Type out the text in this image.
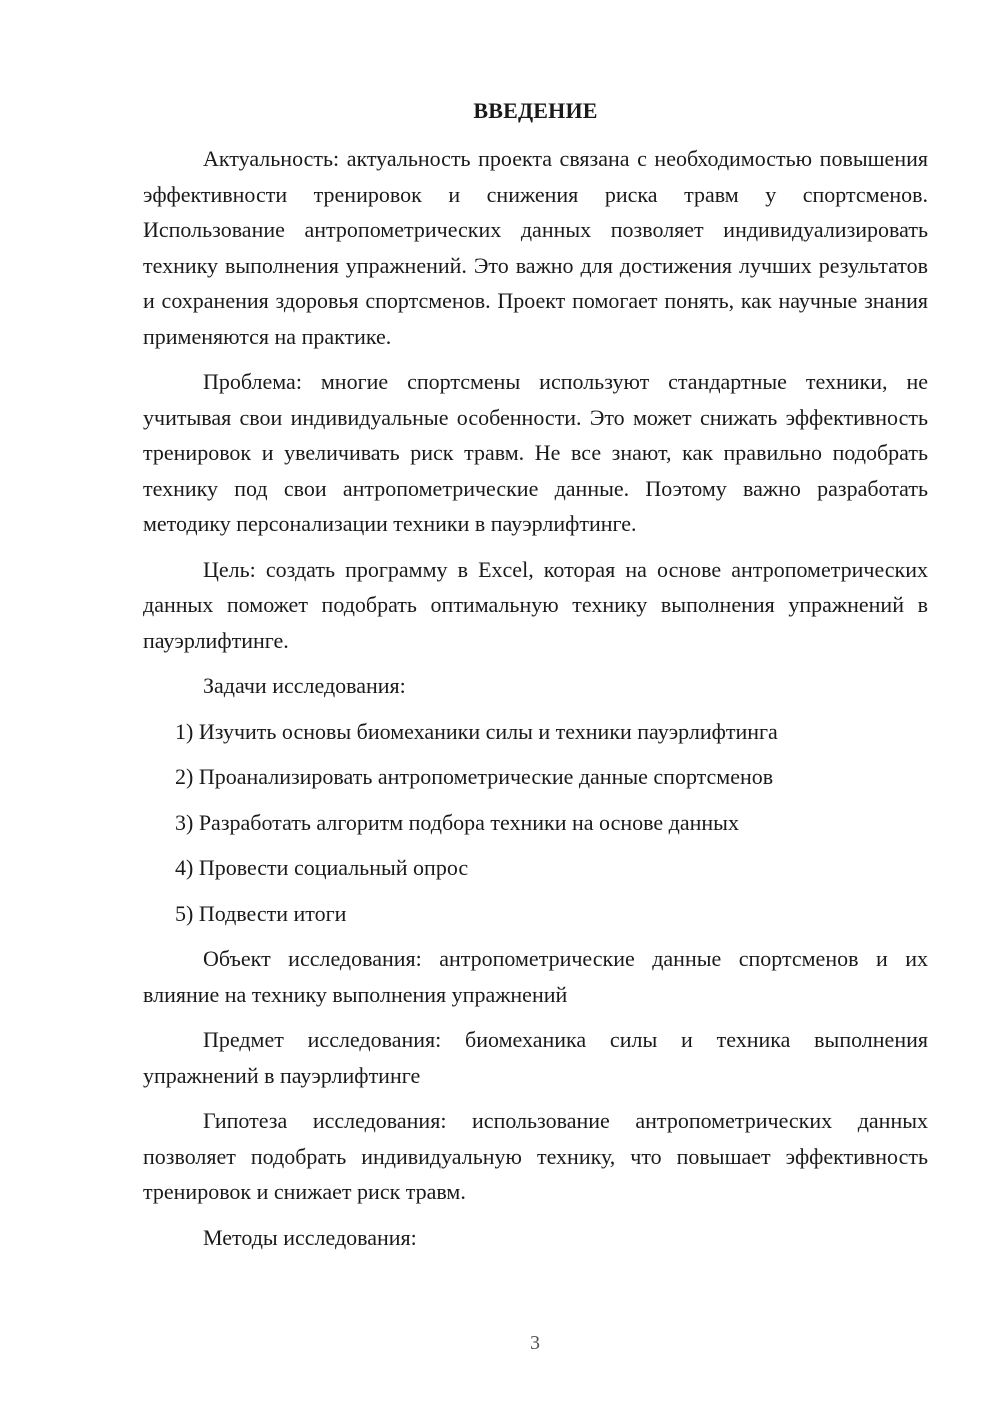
ВВЕДЕНИЕ

Актуальность: актуальность проекта связана с необходимостью повышения эффективности тренировок и снижения риска травм у спортсменов. Использование антропометрических данных позволяет индивидуализировать технику выполнения упражнений. Это важно для достижения лучших результатов и сохранения здоровья спортсменов. Проект помогает понять, как научные знания применяются на практике.

Проблема: многие спортсмены используют стандартные техники, не учитывая свои индивидуальные особенности. Это может снижать эффективность тренировок и увеличивать риск травм. Не все знают, как правильно подобрать технику под свои антропометрические данные. Поэтому важно разработать методику персонализации техники в пауэрлифтинге.

Цель: создать программу в Excel, которая на основе антропометрических данных поможет подобрать оптимальную технику выполнения упражнений в пауэрлифтинге.

Задачи исследования:

1) Изучить основы биомеханики силы и техники пауэрлифтинга
2) Проанализировать антропометрические данные спортсменов
3) Разработать алгоритм подбора техники на основе данных
4) Провести социальный опрос
5) Подвести итоги

Объект исследования: антропометрические данные спортсменов и их влияние на технику выполнения упражнений

Предмет исследования: биомеханика силы и техника выполнения упражнений в пауэрлифтинге

Гипотеза исследования: использование антропометрических данных позволяет подобрать индивидуальную технику, что повышает эффективность тренировок и снижает риск травм.

Методы исследования:

3
